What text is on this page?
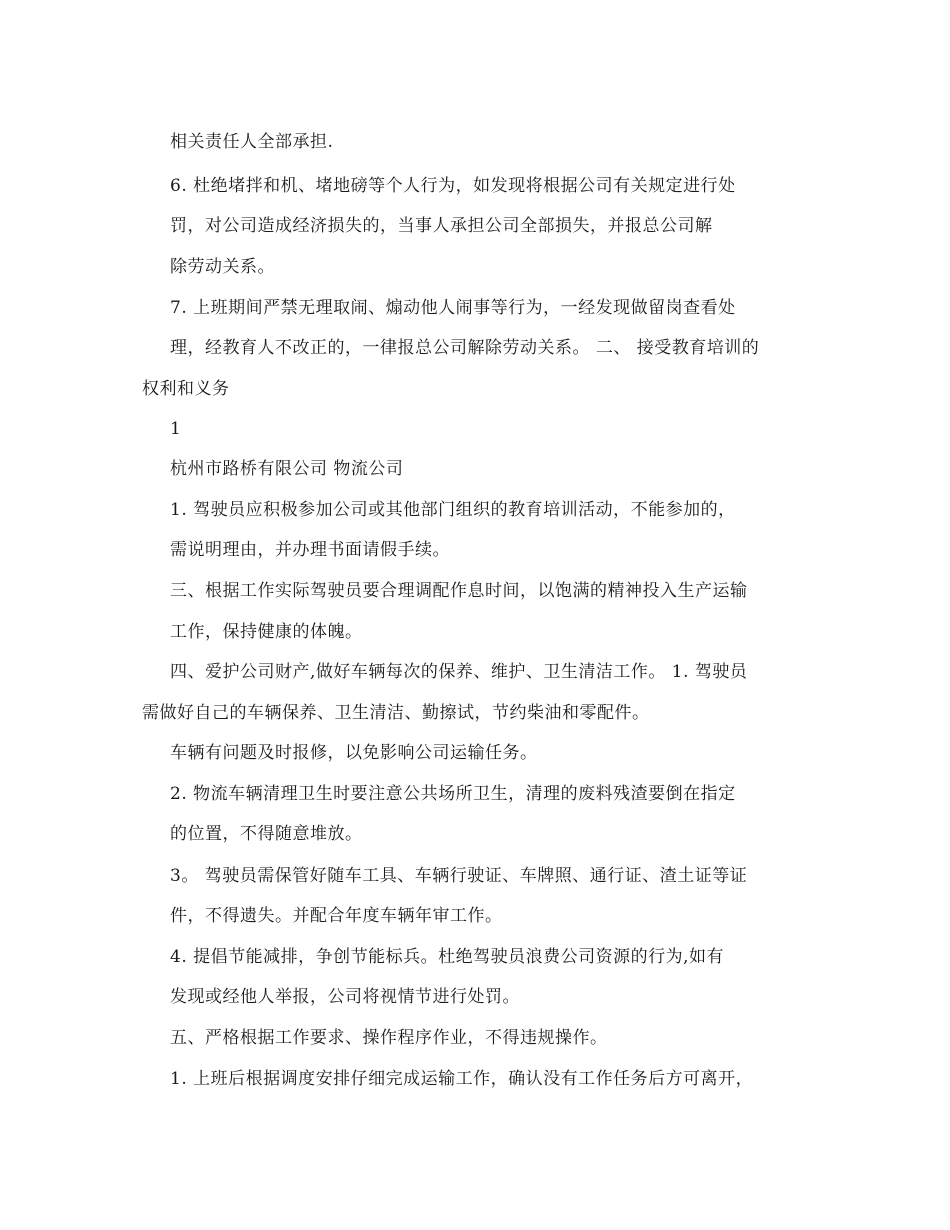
相关责任人全部承担.
6. 杜绝堵拌和机、堵地磅等个人行为，如发现将根据公司有关规定进行处
罚，对公司造成经济损失的，当事人承担公司全部损失，并报总公司解
除劳动关系。
7. 上班期间严禁无理取闹、煽动他人闹事等行为，一经发现做留岗查看处
理，经教育人不改正的，一律报总公司解除劳动关系。 二、 接受教育培训的
权利和义务
1
杭州市路桥有限公司 物流公司
1. 驾驶员应积极参加公司或其他部门组织的教育培训活动，不能参加的，
需说明理由，并办理书面请假手续。
三、根据工作实际驾驶员要合理调配作息时间，以饱满的精神投入生产运输
工作，保持健康的体魄。
四、爱护公司财产,做好车辆每次的保养、维护、卫生清洁工作。 1. 驾驶员
需做好自己的车辆保养、卫生清洁、勤擦试，节约柴油和零配件。
车辆有问题及时报修，以免影响公司运输任务。
2. 物流车辆清理卫生时要注意公共场所卫生，清理的废料残渣要倒在指定
的位置，不得随意堆放。
3。 驾驶员需保管好随车工具、车辆行驶证、车牌照、通行证、渣土证等证
件，不得遗失。并配合年度车辆年审工作。
4. 提倡节能减排，争创节能标兵。杜绝驾驶员浪费公司资源的行为,如有
发现或经他人举报，公司将视情节进行处罚。
五、严格根据工作要求、操作程序作业，不得违规操作。
1. 上班后根据调度安排仔细完成运输工作，确认没有工作任务后方可离开，
